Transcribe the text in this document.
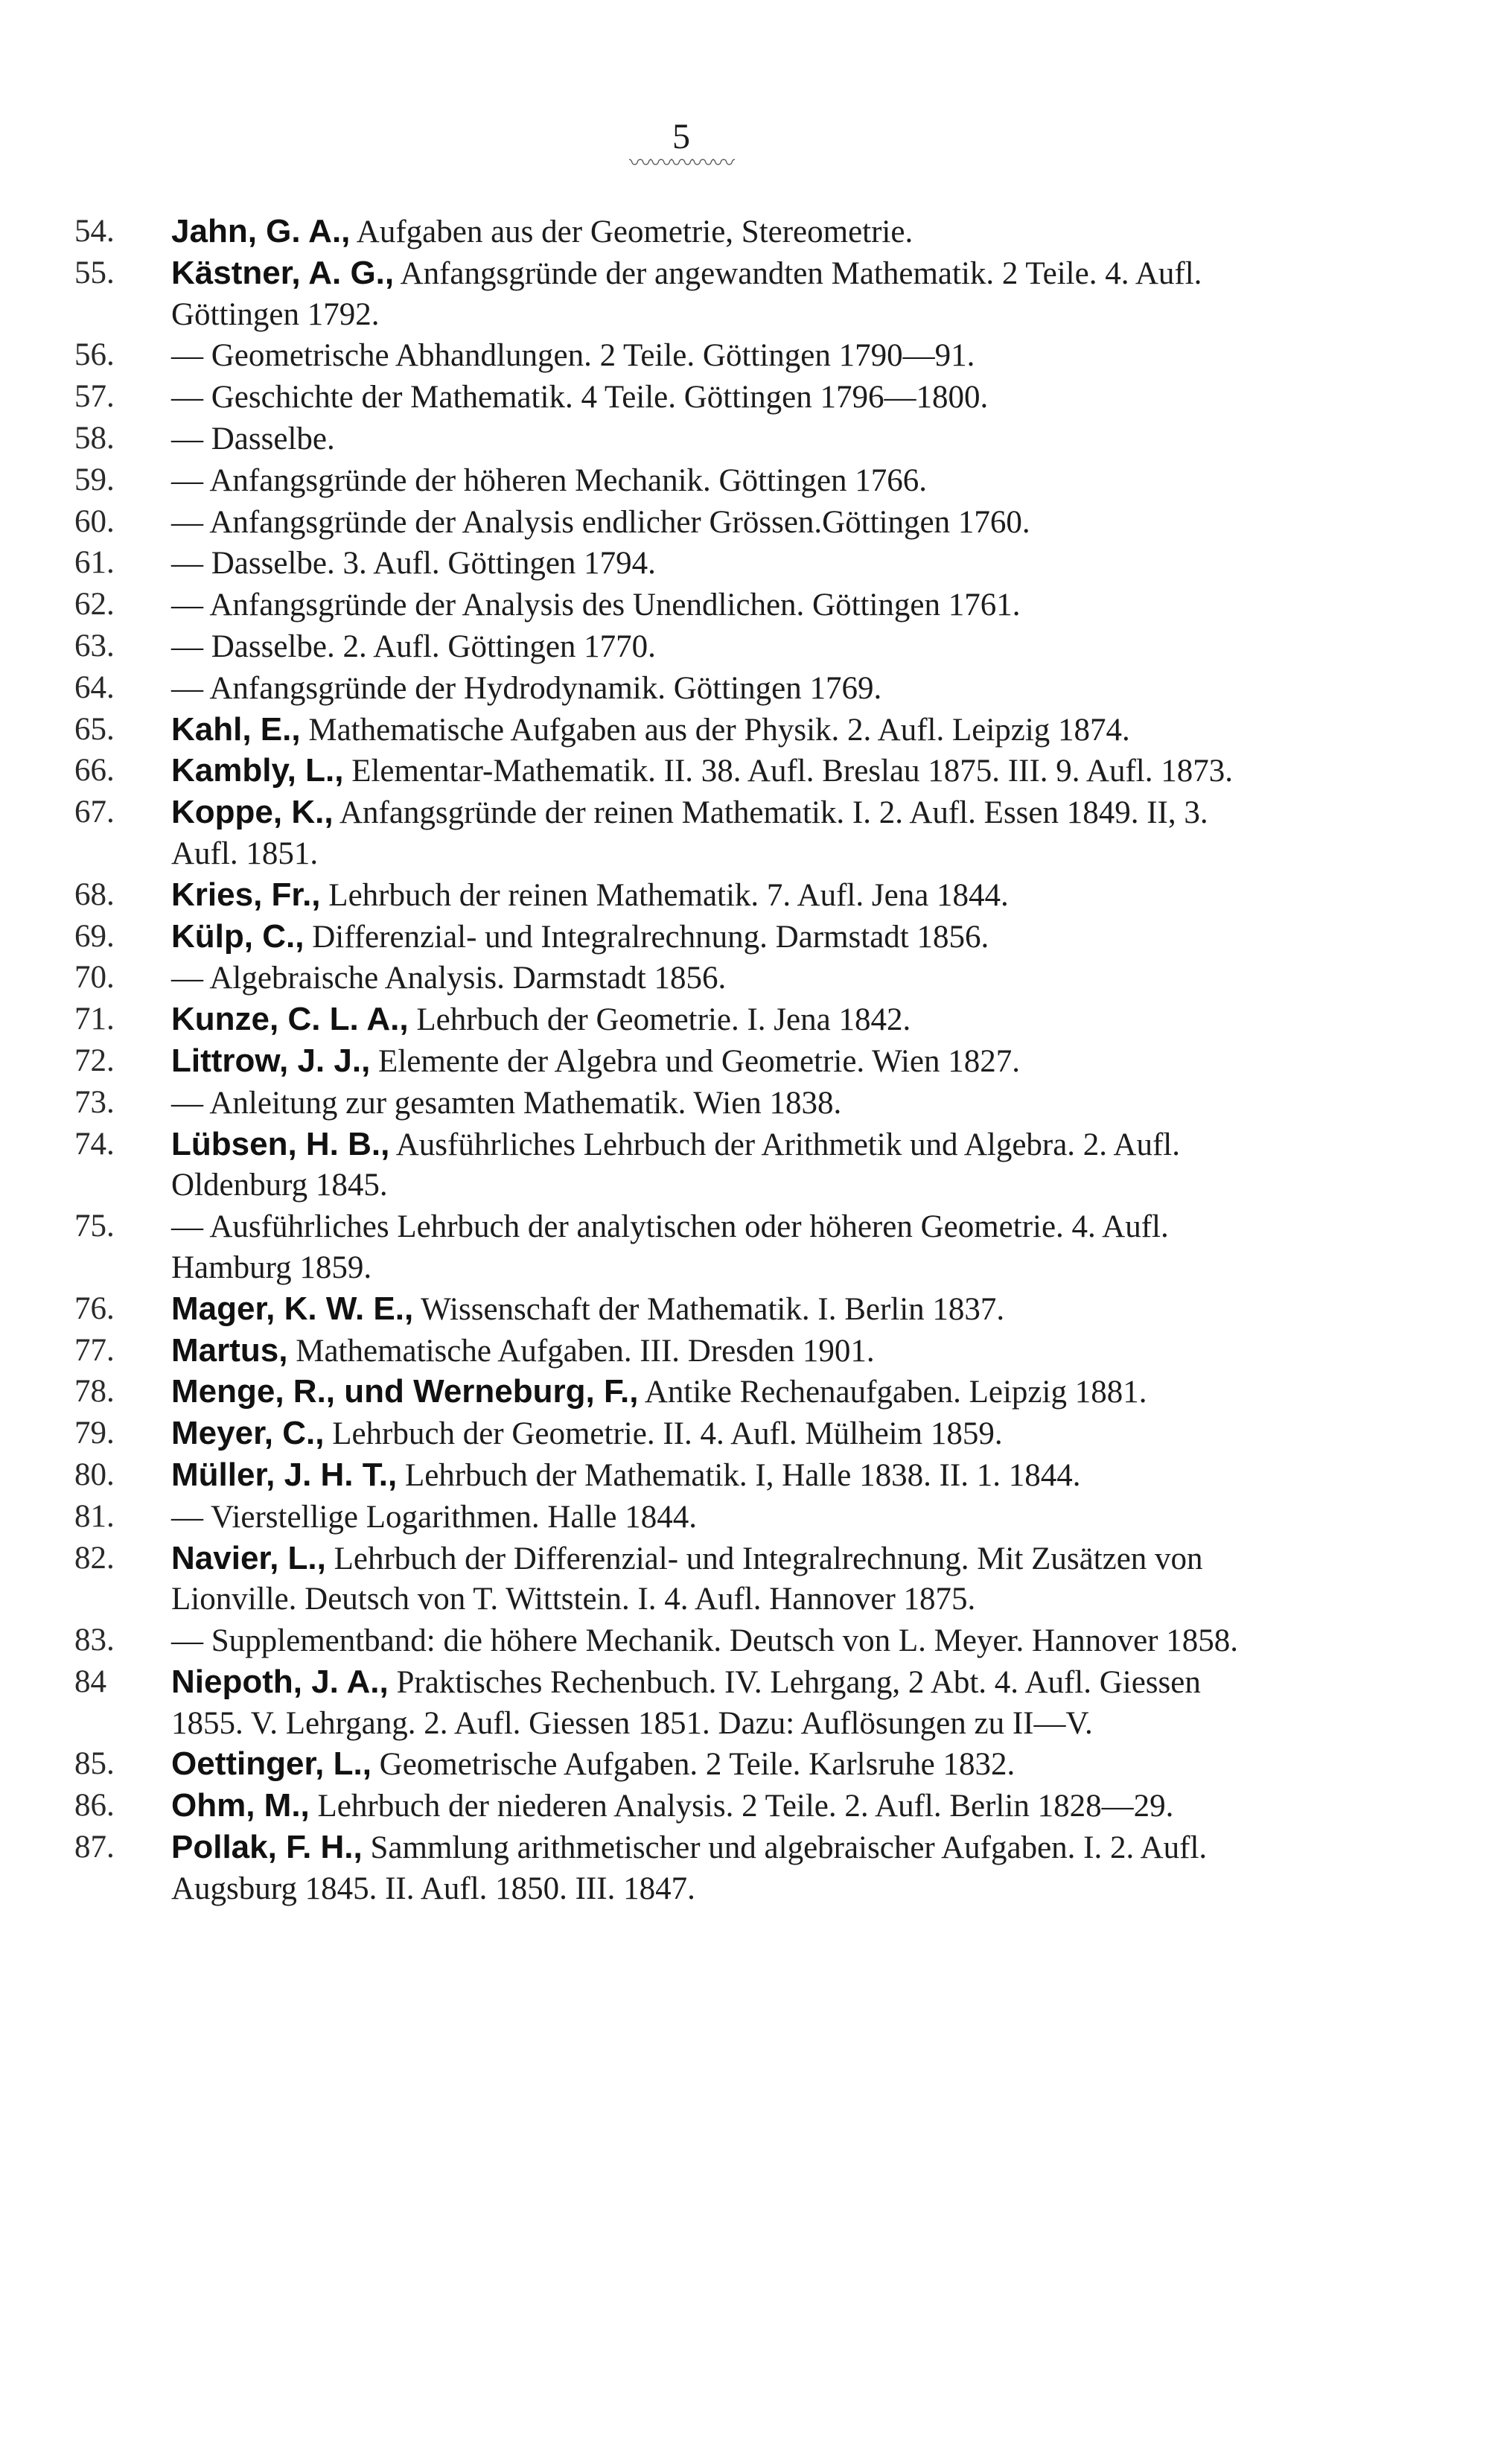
5
〰〰〰〰〰
54.	Jahn, G. A., Aufgaben aus der Geometrie, Stereometrie.
55.	Kästner, A. G., Anfangsgründe der angewandten Mathematik. 2 Teile. 4. Aufl. Göttingen 1792.
56.	— Geometrische Abhandlungen. 2 Teile. Göttingen 1790—91.
57.	— Geschichte der Mathematik. 4 Teile. Göttingen 1796—1800.
58.	— Dasselbe.
59.	— Anfangsgründe der höheren Mechanik. Göttingen 1766.
60.	— Anfangsgründe der Analysis endlicher Grössen.Göttingen 1760.
61.	— Dasselbe. 3. Aufl. Göttingen 1794.
62.	— Anfangsgründe der Analysis des Unendlichen. Göttingen 1761.
63.	— Dasselbe. 2. Aufl. Göttingen 1770.
64.	— Anfangsgründe der Hydrodynamik. Göttingen 1769.
65.	Kahl, E., Mathematische Aufgaben aus der Physik. 2. Aufl. Leipzig 1874.
66.	Kambly, L., Elementar-Mathematik. II. 38. Aufl. Breslau 1875. III. 9. Aufl. 1873.
67.	Koppe, K., Anfangsgründe der reinen Mathematik. I. 2. Aufl. Essen 1849. II, 3. Aufl. 1851.
68.	Kries, Fr., Lehrbuch der reinen Mathematik. 7. Aufl. Jena 1844.
69.	Külp, C., Differenzial- und Integralrechnung. Darmstadt 1856.
70.	— Algebraische Analysis. Darmstadt 1856.
71.	Kunze, C. L. A., Lehrbuch der Geometrie. I. Jena 1842.
72.	Littrow, J. J., Elemente der Algebra und Geometrie. Wien 1827.
73.	— Anleitung zur gesamten Mathematik. Wien 1838.
74.	Lübsen, H. B., Ausführliches Lehrbuch der Arithmetik und Algebra. 2. Aufl. Oldenburg 1845.
75.	— Ausführliches Lehrbuch der analytischen oder höheren Geometrie. 4. Aufl. Hamburg 1859.
76.	Mager, K. W. E., Wissenschaft der Mathematik. I. Berlin 1837.
77.	Martus, Mathematische Aufgaben. III. Dresden 1901.
78.	Menge, R., und Werneburg, F., Antike Rechenaufgaben. Leipzig 1881.
79.	Meyer, C., Lehrbuch der Geometrie. II. 4. Aufl. Mülheim 1859.
80.	Müller, J. H. T., Lehrbuch der Mathematik. I, Halle 1838. II. 1. 1844.
81.	— Vierstellige Logarithmen. Halle 1844.
82.	Navier, L., Lehrbuch der Differenzial- und Integralrechnung. Mit Zusätzen von Lionville. Deutsch von T. Wittstein. I. 4. Aufl. Hannover 1875.
83.	— Supplementband: die höhere Mechanik. Deutsch von L. Meyer. Hannover 1858.
84	Niepoth, J. A., Praktisches Rechenbuch. IV. Lehrgang, 2 Abt. 4. Aufl. Giessen 1855. V. Lehrgang. 2. Aufl. Giessen 1851. Dazu: Auflösungen zu II—V.
85.	Oettinger, L., Geometrische Aufgaben. 2 Teile. Karlsruhe 1832.
86.	Ohm, M., Lehrbuch der niederen Analysis. 2 Teile. 2. Aufl. Berlin 1828—29.
87.	Pollak, F. H., Sammlung arithmetischer und algebraischer Aufgaben. I. 2. Aufl. Augsburg 1845. II. Aufl. 1850. III. 1847.
